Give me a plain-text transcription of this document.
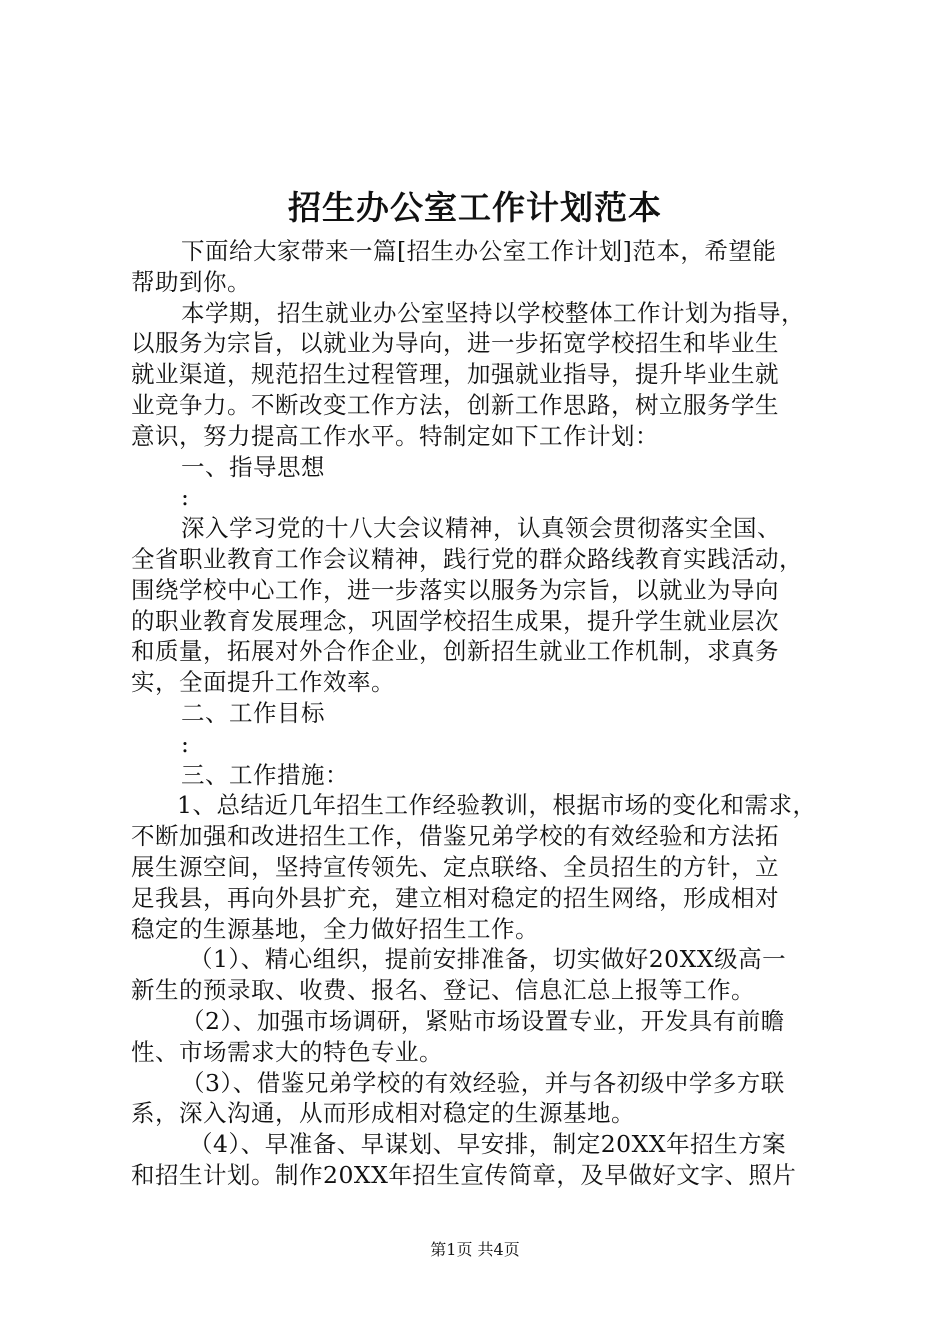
招生办公室工作计划范本
下面给大家带来一篇[招生办公室工作计划]范本，希望能
帮助到你。
本学期，招生就业办公室坚持以学校整体工作计划为指导，
以服务为宗旨，以就业为导向，进一步拓宽学校招生和毕业生
就业渠道，规范招生过程管理，加强就业指导，提升毕业生就
业竞争力。不断改变工作方法，创新工作思路，树立服务学生
意识，努力提高工作水平。特制定如下工作计划：
一、指导思想
:
深入学习党的十八大会议精神，认真领会贯彻落实全国、
全省职业教育工作会议精神，践行党的群众路线教育实践活动，
围绕学校中心工作，进一步落实以服务为宗旨，以就业为导向
的职业教育发展理念，巩固学校招生成果，提升学生就业层次
和质量，拓展对外合作企业，创新招生就业工作机制，求真务
实，全面提升工作效率。
二、工作目标
:
三、工作措施：
1、总结近几年招生工作经验教训，根据市场的变化和需求，
不断加强和改进招生工作，借鉴兄弟学校的有效经验和方法拓
展生源空间，坚持宣传领先、定点联络、全员招生的方针，立
足我县，再向外县扩充，建立相对稳定的招生网络，形成相对
稳定的生源基地，全力做好招生工作。
（1）、精心组织，提前安排准备，切实做好20XX级高一
新生的预录取、收费、报名、登记、信息汇总上报等工作。
（2）、加强市场调研，紧贴市场设置专业，开发具有前瞻
性、市场需求大的特色专业。
（3）、借鉴兄弟学校的有效经验，并与各初级中学多方联
系，深入沟通，从而形成相对稳定的生源基地。
（4）、早准备、早谋划、早安排，制定20XX年招生方案
和招生计划。制作20XX年招生宣传简章，及早做好文字、照片
第1页 共4页
